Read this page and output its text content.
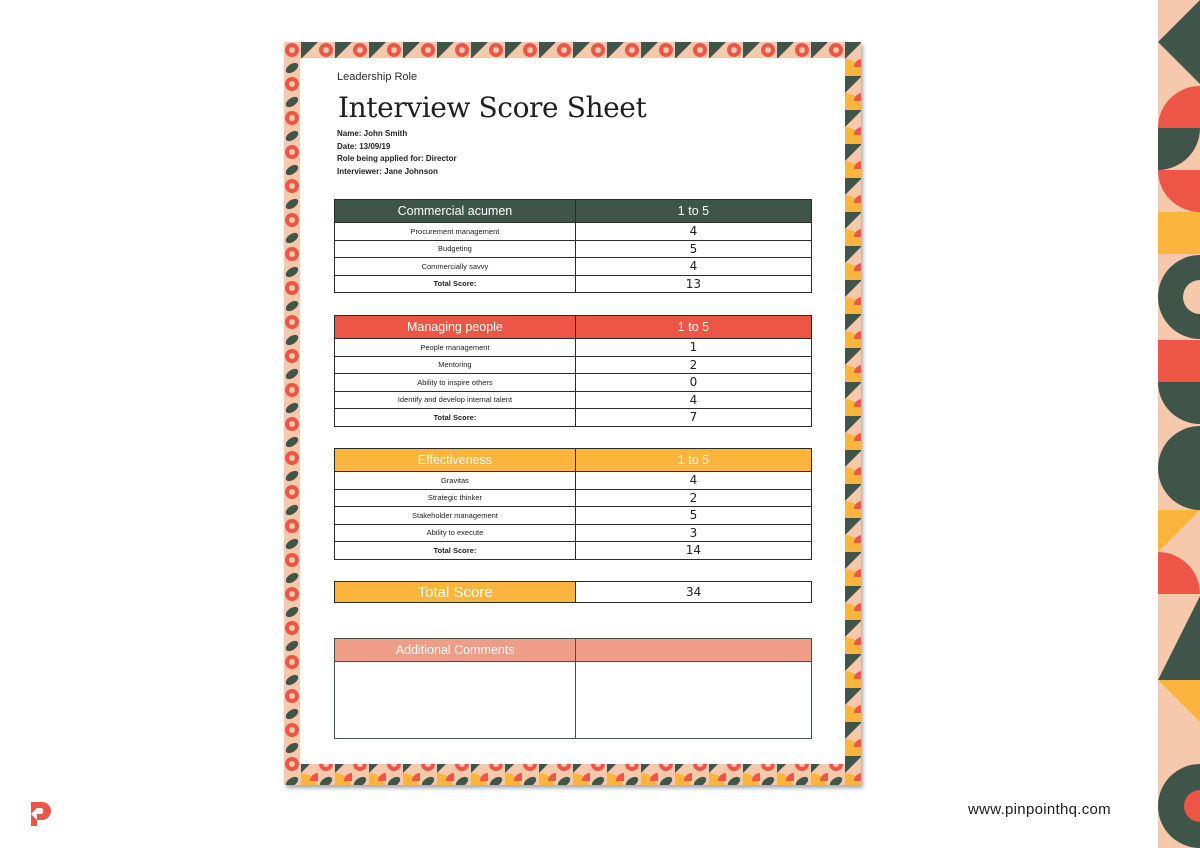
Leadership Role
Interview Score Sheet
Name: John Smith
Date: 13/09/19
Role being applied for: Director
Interviewer: Jane Johnson
Commercial acumen	1 to 5
Procurement management	4
Budgeting	5
Commercially savvy	4
Total Score:	13
Managing people	1 to 5
People management	1
Mentoring	2
Ability to inspire others	0
Identify and develop internal talent	4
Total Score:	7
Effectiveness	1 to 5
Gravitas	4
Strategic thinker	2
Stakeholder management	5
Ability to execute	3
Total Score:	14
Total Score	34
Additional Comments
www.pinpointhq.com
